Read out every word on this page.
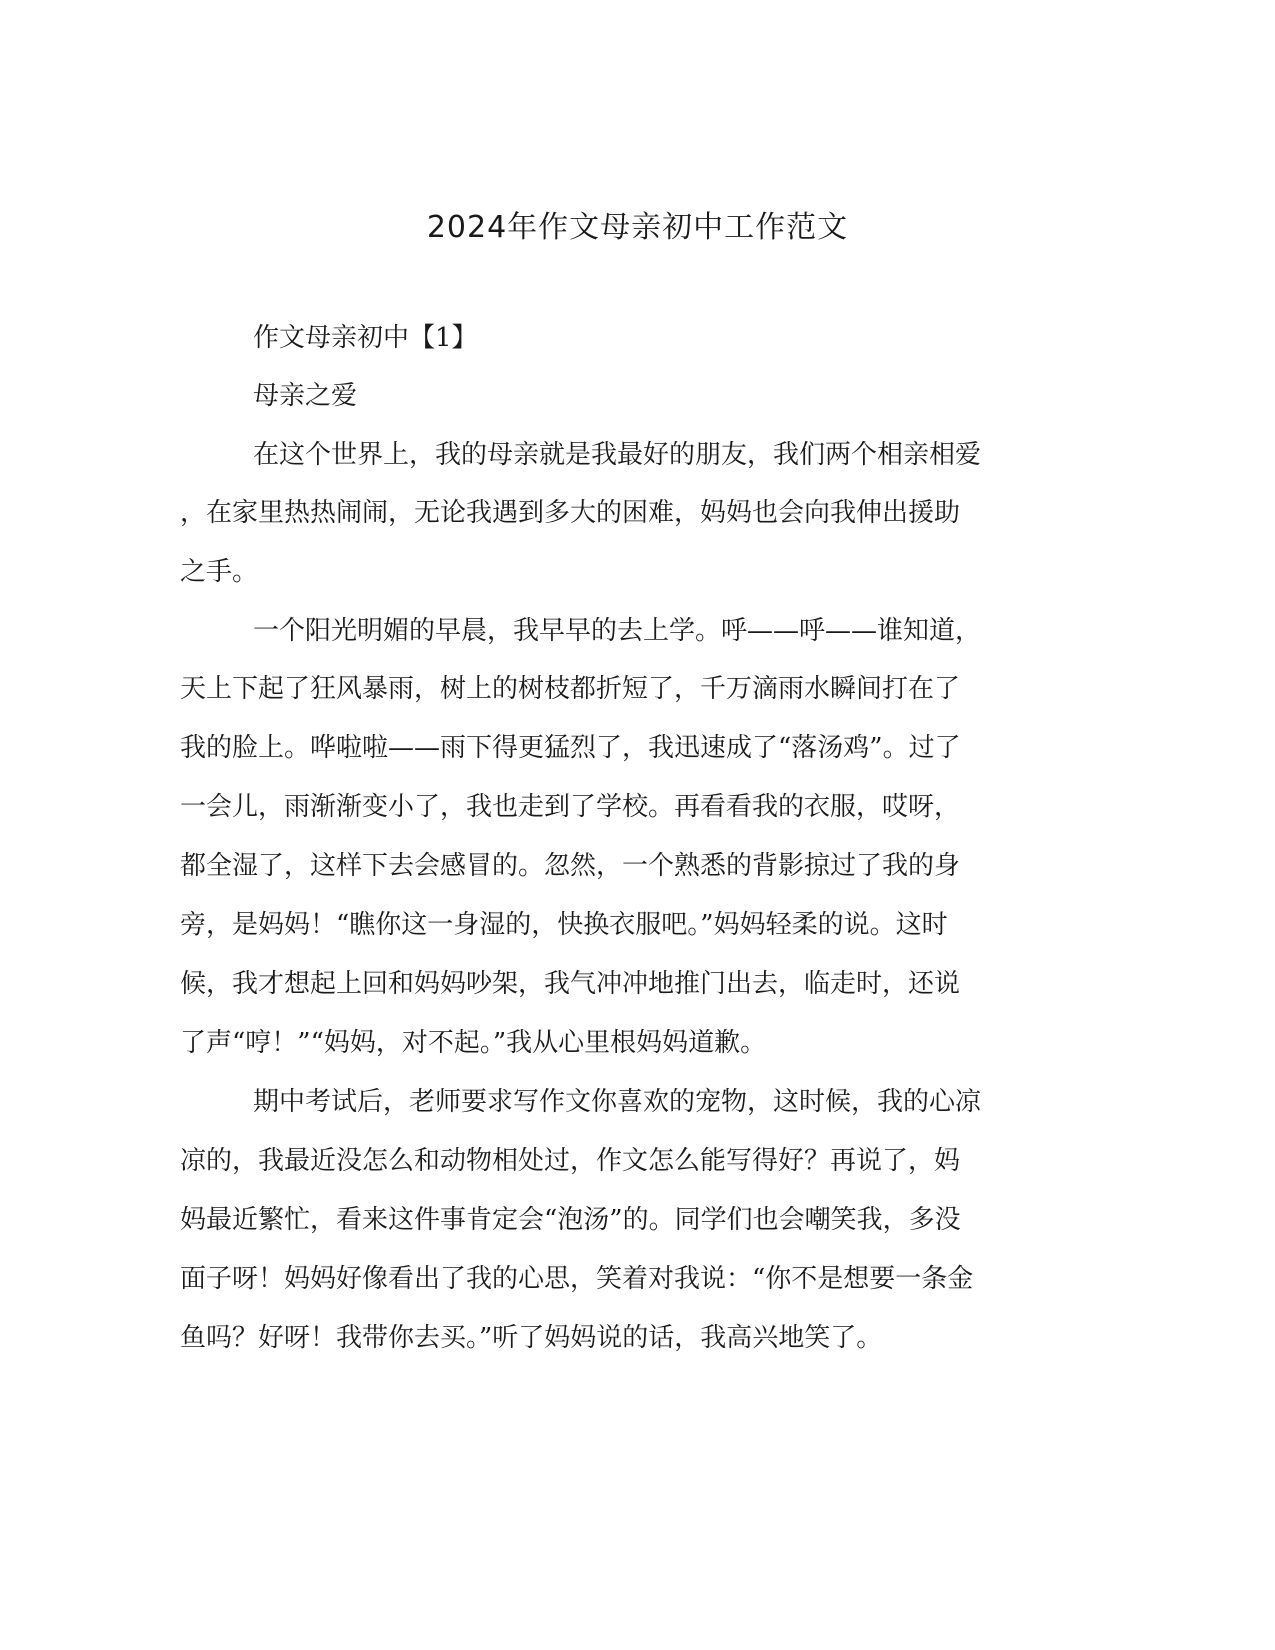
2024年作文母亲初中工作范文
作文母亲初中【1】
母亲之爱
在这个世界上，我的母亲就是我最好的朋友，我们两个相亲相爱
，在家里热热闹闹，无论我遇到多大的困难，妈妈也会向我伸出援助
之手。
一个阳光明媚的早晨，我早早的去上学。呼——呼——谁知道，
天上下起了狂风暴雨，树上的树枝都折短了，千万滴雨水瞬间打在了
我的脸上。哗啦啦——雨下得更猛烈了，我迅速成了“落汤鸡”。过了
一会儿，雨渐渐变小了，我也走到了学校。再看看我的衣服，哎呀，
都全湿了，这样下去会感冒的。忽然，一个熟悉的背影掠过了我的身
旁，是妈妈！“瞧你这一身湿的，快换衣服吧。”妈妈轻柔的说。这时
候，我才想起上回和妈妈吵架，我气冲冲地推门出去，临走时，还说
了声“哼！”“妈妈，对不起。”我从心里根妈妈道歉。
期中考试后，老师要求写作文你喜欢的宠物，这时候，我的心凉
凉的，我最近没怎么和动物相处过，作文怎么能写得好？再说了，妈
妈最近繁忙，看来这件事肯定会“泡汤”的。同学们也会嘲笑我，多没
面子呀！妈妈好像看出了我的心思，笑着对我说：“你不是想要一条金
鱼吗？好呀！我带你去买。”听了妈妈说的话，我高兴地笑了。
